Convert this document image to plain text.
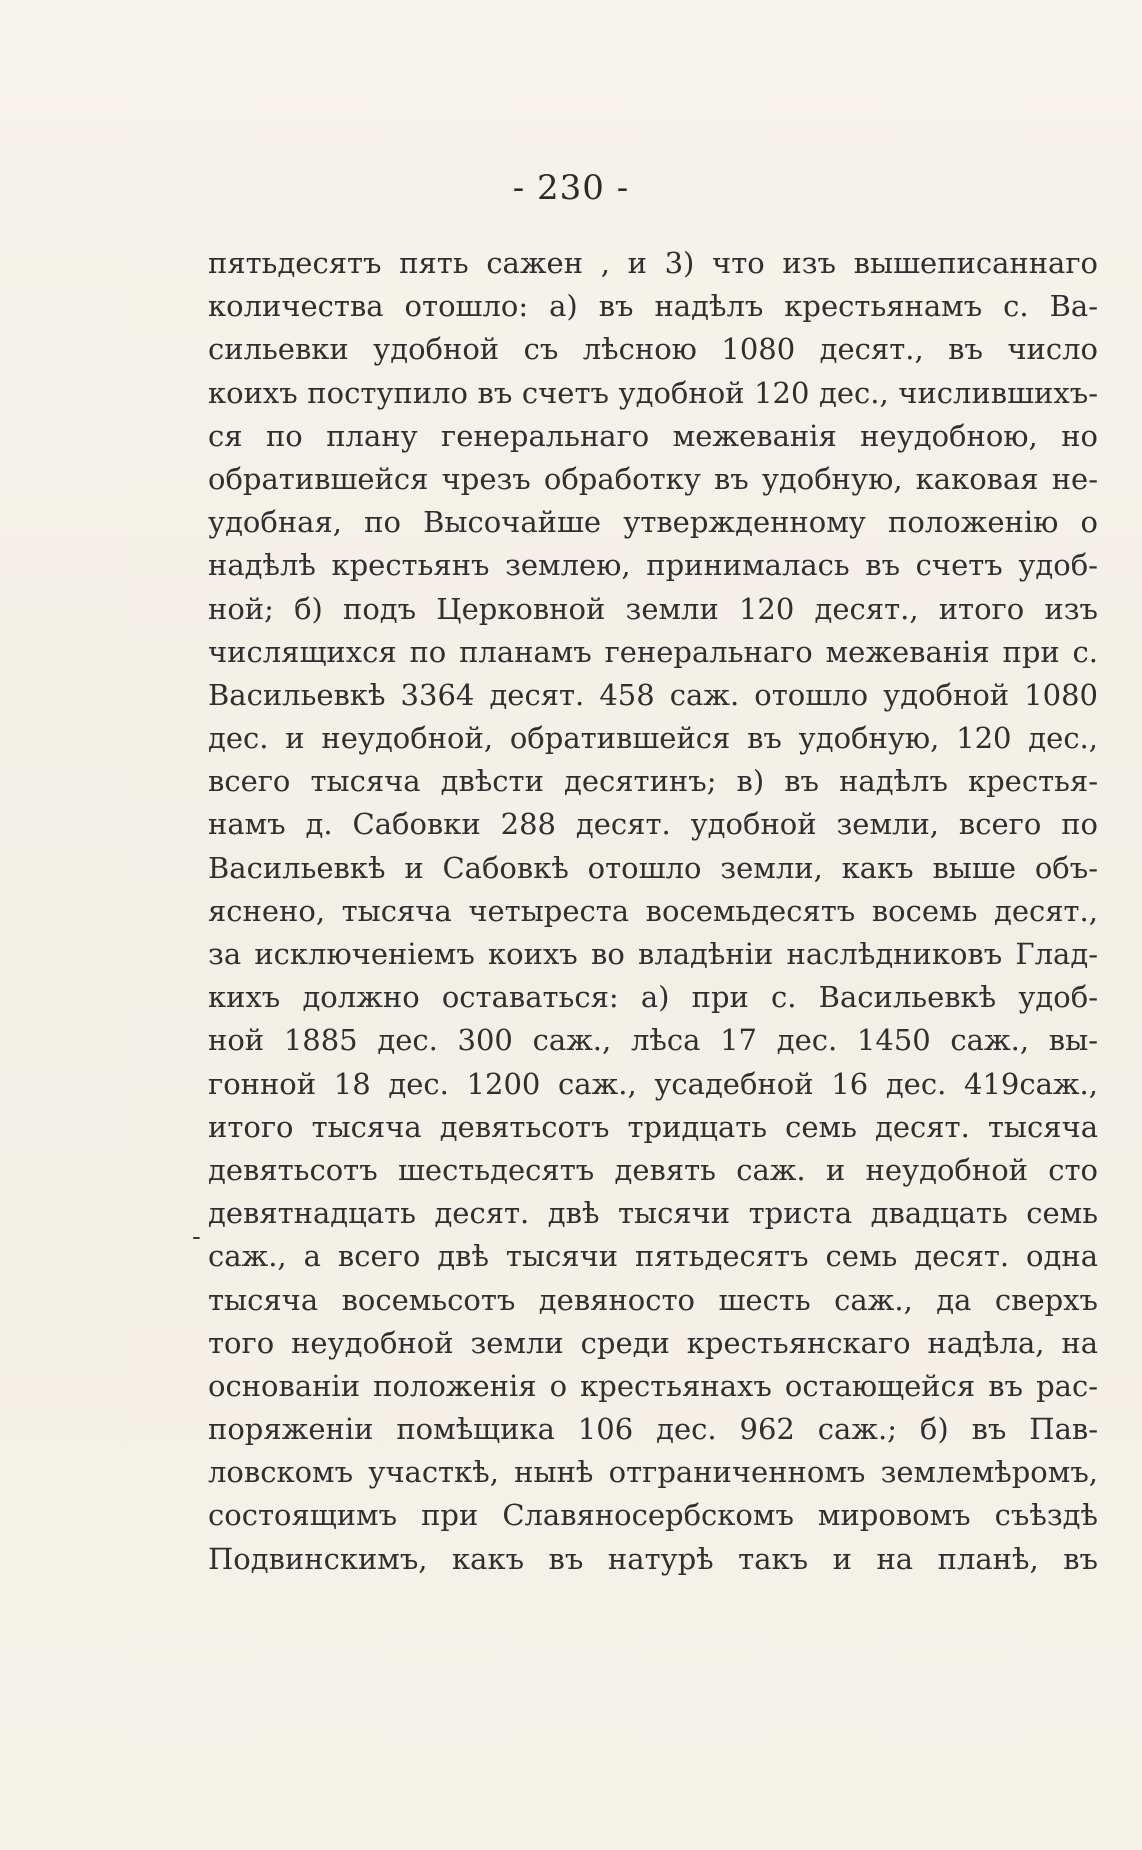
- 230 -
-
пятьдесятъ пять сажен , и 3) что изъ вышеписаннаго
количества отошло: а) въ надѣлъ крестьянамъ с. Ва-
сильевки удобной съ лѣсною 1080 десят., въ число
коихъ поступило въ счетъ удобной 120 дес., числившихъ-
ся по плану генеральнаго межеванія неудобною, но
обратившейся чрезъ обработку въ удобную, каковая не-
удобная, по Высочайше утвержденному положенію о
надѣлѣ крестьянъ землею, принималась въ счетъ удоб-
ной; б) подъ Церковной земли 120 десят., итого изъ
числящихся по планамъ генеральнаго межеванія при с.
Васильевкѣ 3364 десят. 458 саж. отошло удобной 1080
дес. и неудобной, обратившейся въ удобную, 120 дес.,
всего тысяча двѣсти десятинъ; в) въ надѣлъ крестья-
намъ д. Сабовки 288 десят. удобной земли, всего по
Васильевкѣ и Сабовкѣ отошло земли, какъ выше объ-
яснено, тысяча четыреста восемьдесятъ восемь десят.,
за исключеніемъ коихъ во владѣніи наслѣдниковъ Глад-
кихъ должно оставаться: а) при с. Васильевкѣ удоб-
ной 1885 дес. 300 саж., лѣса 17 дес. 1450 саж., вы-
гонной 18 дес. 1200 саж., усадебной 16 дес. 419саж.,
итого тысяча девятьсотъ тридцать семь десят. тысяча
девятьсотъ шестьдесятъ девять саж. и неудобной сто
девятнадцать десят. двѣ тысячи триста двадцать семь
саж., а всего двѣ тысячи пятьдесятъ семь десят. одна
тысяча восемьсотъ девяносто шесть саж., да сверхъ
того неудобной земли среди крестьянскаго надѣла, на
основаніи положенія о крестьянахъ остающейся въ рас-
поряженіи помѣщика 106 дес. 962 саж.; б) въ Пав-
ловскомъ участкѣ, нынѣ отграниченномъ землемѣромъ,
состоящимъ при Славяносербскомъ мировомъ съѣздѣ
Подвинскимъ, какъ въ натурѣ такъ и на планѣ, въ
